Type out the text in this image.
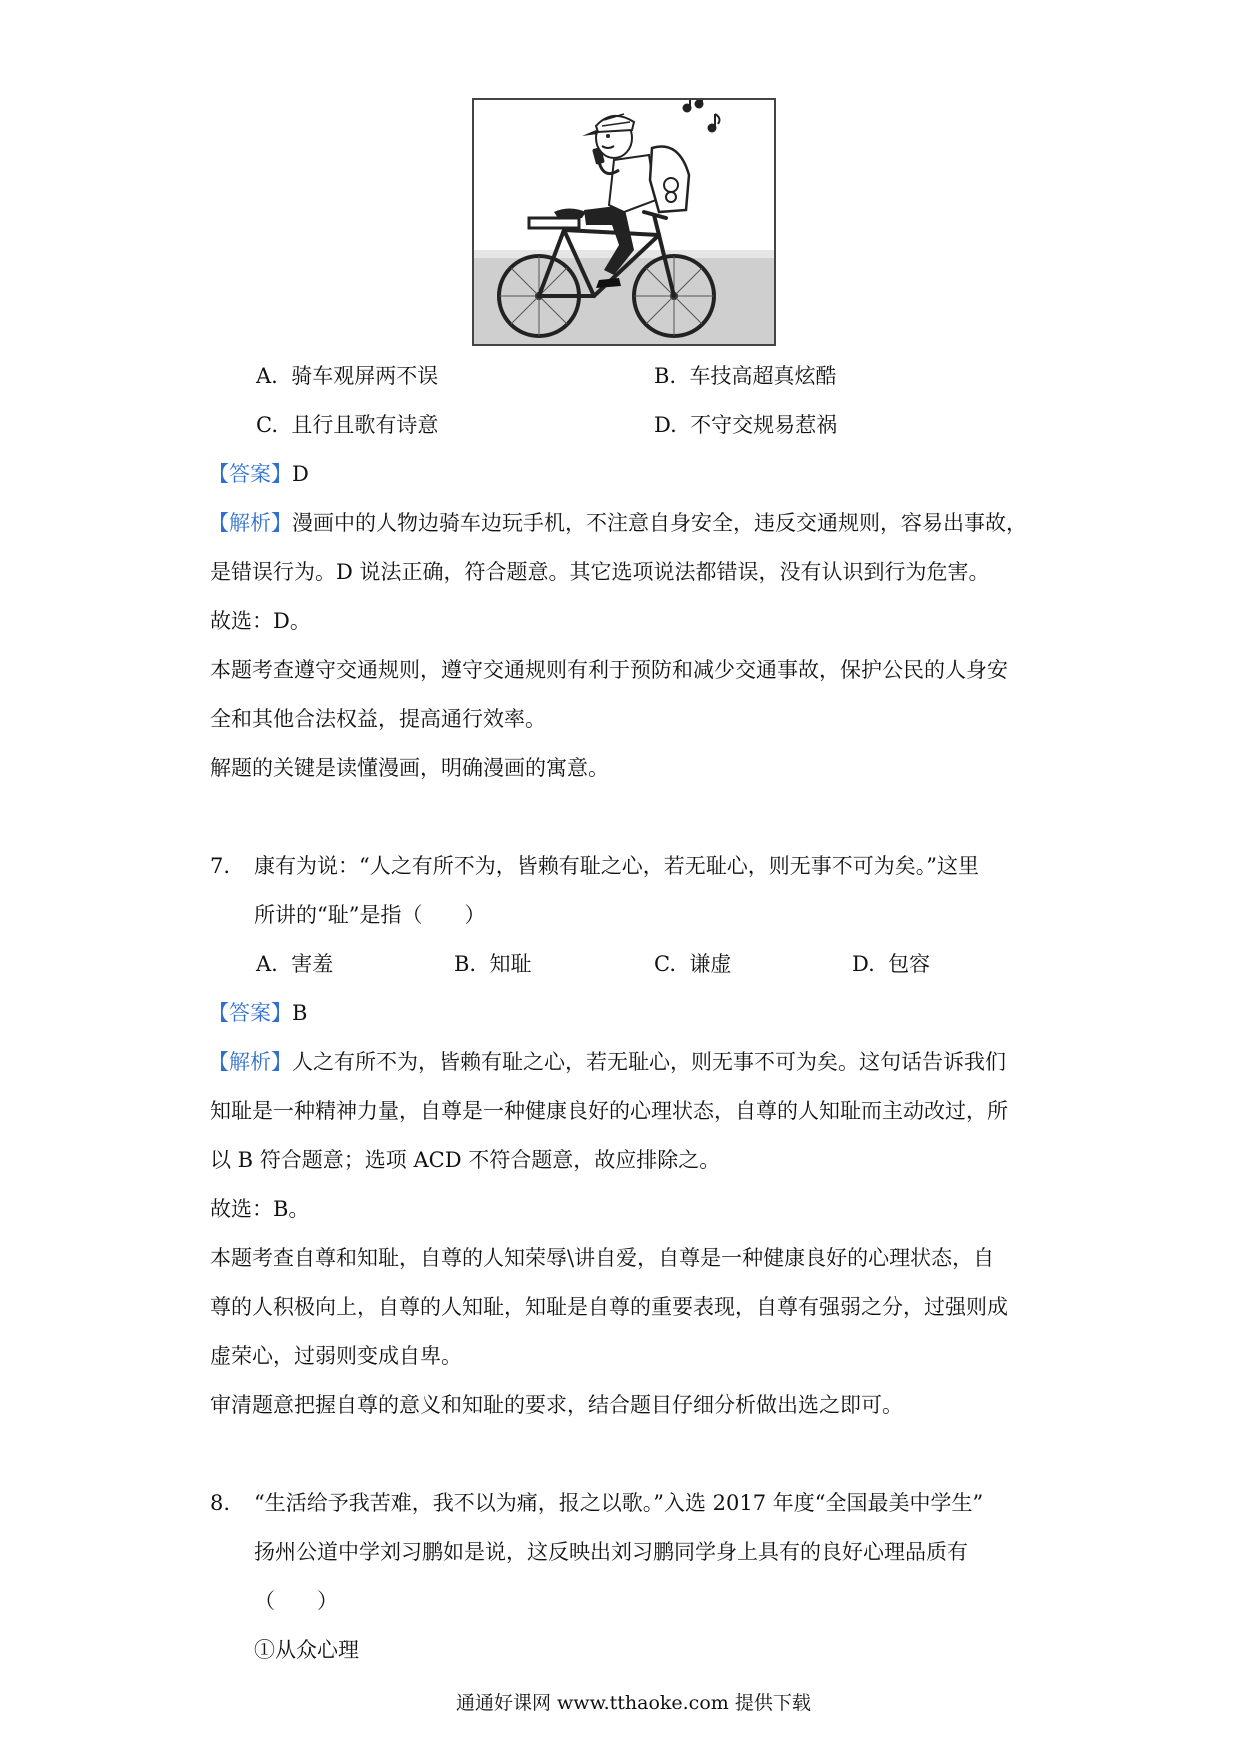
A. 骑车观屏两不误	B. 车技高超真炫酷
C. 且行且歌有诗意	D. 不守交规易惹祸
【答案】D
【解析】漫画中的人物边骑车边玩手机，不注意自身安全，违反交通规则，容易出事故，
是错误行为。D 说法正确，符合题意。其它选项说法都错误，没有认识到行为危害。
故选：D。
本题考查遵守交通规则，遵守交通规则有利于预防和减少交通事故，保护公民的人身安
全和其他合法权益，提高通行效率。
解题的关键是读懂漫画，明确漫画的寓意。
7. 康有为说：“人之有所不为，皆赖有耻之心，若无耻心，则无事不可为矣。”这里
所讲的“耻”是指（　　）
A. 害羞	B. 知耻	C. 谦虚	D. 包容
【答案】B
【解析】人之有所不为，皆赖有耻之心，若无耻心，则无事不可为矣。这句话告诉我们
知耻是一种精神力量，自尊是一种健康良好的心理状态，自尊的人知耻而主动改过，所
以 B 符合题意；选项 ACD 不符合题意，故应排除之。
故选：B。
本题考查自尊和知耻，自尊的人知荣辱\讲自爱，自尊是一种健康良好的心理状态，自
尊的人积极向上，自尊的人知耻，知耻是自尊的重要表现，自尊有强弱之分，过强则成
虚荣心，过弱则变成自卑。
审清题意把握自尊的意义和知耻的要求，结合题目仔细分析做出选之即可。
8. “生活给予我苦难，我不以为痛，报之以歌。”入选 2017 年度“全国最美中学生”
扬州公道中学刘习鹏如是说，这反映出刘习鹏同学身上具有的良好心理品质有
（　　）
①从众心理
通通好课网 www.tthaoke.com 提供下载
